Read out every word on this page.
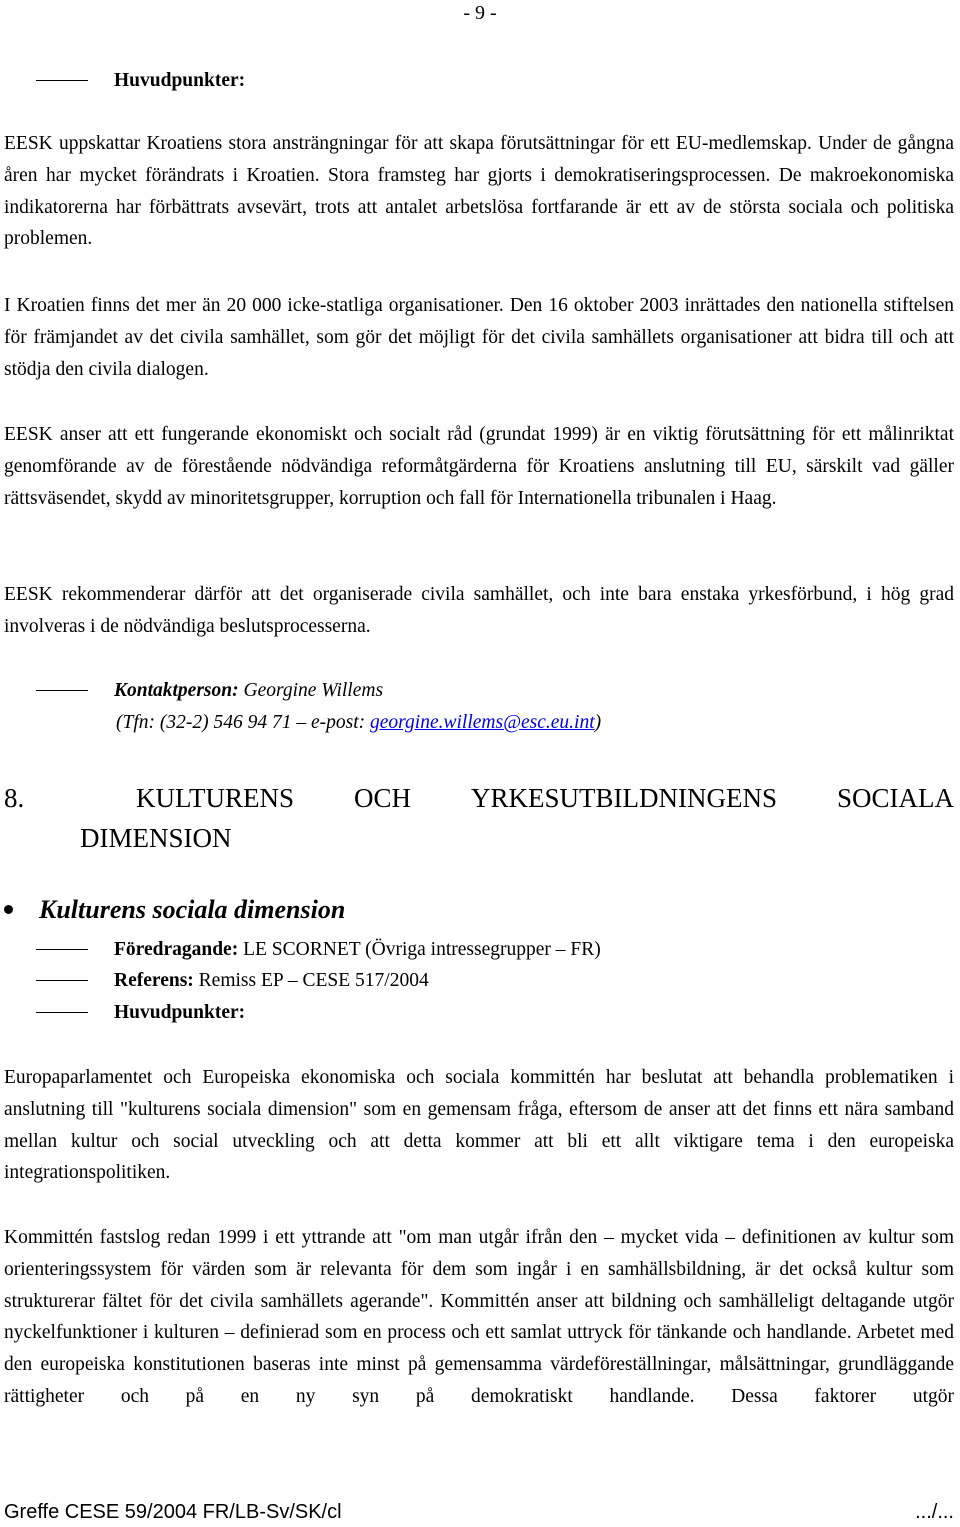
- 9 -
Huvudpunkter:

EESK uppskattar Kroatiens stora ansträngningar för att skapa förutsättningar för ett EU-medlemskap. Under de gångna åren har mycket förändrats i Kroatien. Stora framsteg har gjorts i demokratiseringsprocessen. De makroekonomiska indikatorerna har förbättrats avsevärt, trots att antalet arbetslösa fortfarande är ett av de största sociala och politiska problemen.

I Kroatien finns det mer än 20 000 icke-statliga organisationer. Den 16 oktober 2003 inrättades den nationella stiftelsen för främjandet av det civila samhället, som gör det möjligt för det civila samhällets organisationer att bidra till och att stödja den civila dialogen.

EESK anser att ett fungerande ekonomiskt och socialt råd (grundat 1999) är en viktig förutsättning för ett målinriktat genomförande av de förestående nödvändiga reformåtgärderna för Kroatiens anslutning till EU, särskilt vad gäller rättsväsendet, skydd av minoritetsgrupper, korruption och fall för Internationella tribunalen i Haag.

EESK rekommenderar därför att det organiserade civila samhället, och inte bara enstaka yrkesförbund, i hög grad involveras i de nödvändiga beslutsprocesserna.

Kontaktperson: Georgine Willems
(Tfn: (32-2) 546 94 71 – e-post: georgine.willems@esc.eu.int)
8.	KULTURENS OCH YRKESUTBILDNINGENS SOCIALA
DIMENSION
Kulturens sociala dimension
Föredragande: LE SCORNET (Övriga intressegrupper – FR)
Referens: Remiss EP – CESE 517/2004
Huvudpunkter:

Europaparlamentet och Europeiska ekonomiska och sociala kommittén har beslutat att behandla problematiken i anslutning till "kulturens sociala dimension" som en gemensam fråga, eftersom de anser att det finns ett nära samband mellan kultur och social utveckling och att detta kommer att bli ett allt viktigare tema i den europeiska integrationspolitiken.

Kommittén fastslog redan 1999 i ett yttrande att "om man utgår ifrån den – mycket vida – definitionen av kultur som orienteringssystem för värden som är relevanta för dem som ingår i en samhällsbildning, är det också kultur som strukturerar fältet för det civila samhällets agerande". Kommittén anser att bildning och samhälleligt deltagande utgör nyckelfunktioner i kulturen – definierad som en process och ett samlat uttryck för tänkande och handlande. Arbetet med den europeiska konstitutionen baseras inte minst på gemensamma värdeföreställningar, målsättningar, grundläggande rättigheter och på en ny syn på demokratiskt handlande. Dessa faktorer utgör

Greffe CESE 59/2004 FR/LB-Sv/SK/cl	.../...
